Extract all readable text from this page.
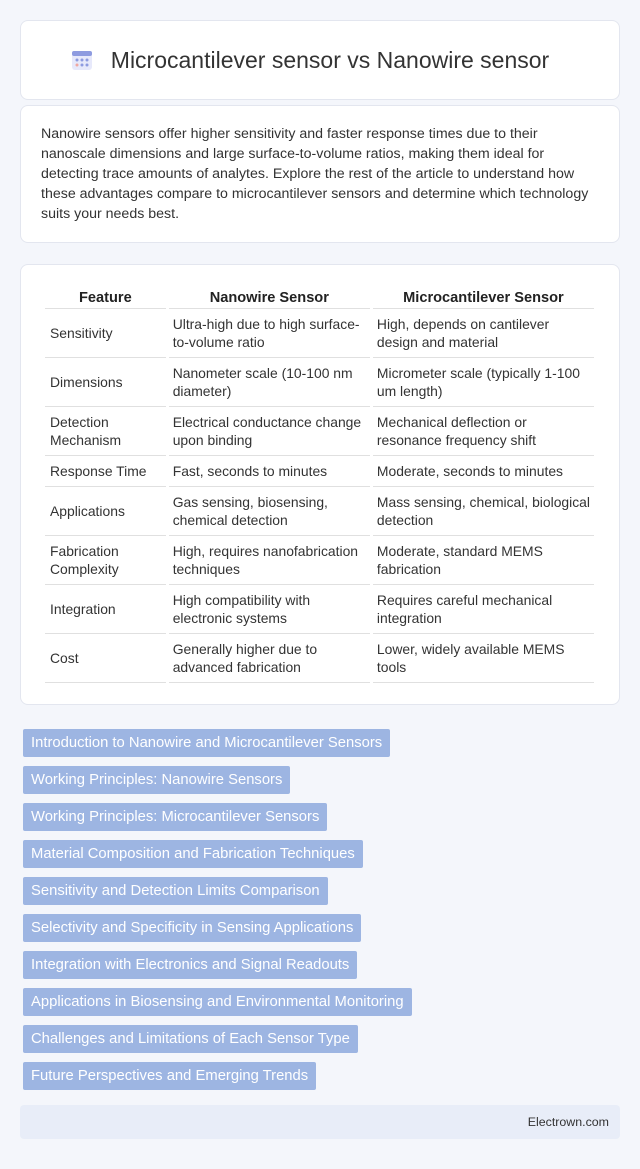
Microcantilever sensor vs Nanowire sensor

Nanowire sensors offer higher sensitivity and faster response times due to their nanoscale dimensions and large surface-to-volume ratios, making them ideal for detecting trace amounts of analytes. Explore the rest of the article to understand how these advantages compare to microcantilever sensors and determine which technology suits your needs best.

Feature	Nanowire Sensor	Microcantilever Sensor
Sensitivity	Ultra-high due to high surface-to-volume ratio	High, depends on cantilever design and material
Dimensions	Nanometer scale (10-100 nm diameter)	Micrometer scale (typically 1-100 um length)
Detection Mechanism	Electrical conductance change upon binding	Mechanical deflection or resonance frequency shift
Response Time	Fast, seconds to minutes	Moderate, seconds to minutes
Applications	Gas sensing, biosensing, chemical detection	Mass sensing, chemical, biological detection
Fabrication Complexity	High, requires nanofabrication techniques	Moderate, standard MEMS fabrication
Integration	High compatibility with electronic systems	Requires careful mechanical integration
Cost	Generally higher due to advanced fabrication	Lower, widely available MEMS tools
Introduction to Nanowire and Microcantilever Sensors
Working Principles: Nanowire Sensors
Working Principles: Microcantilever Sensors
Material Composition and Fabrication Techniques
Sensitivity and Detection Limits Comparison
Selectivity and Specificity in Sensing Applications
Integration with Electronics and Signal Readouts
Applications in Biosensing and Environmental Monitoring
Challenges and Limitations of Each Sensor Type
Future Perspectives and Emerging Trends
Electrown.com
